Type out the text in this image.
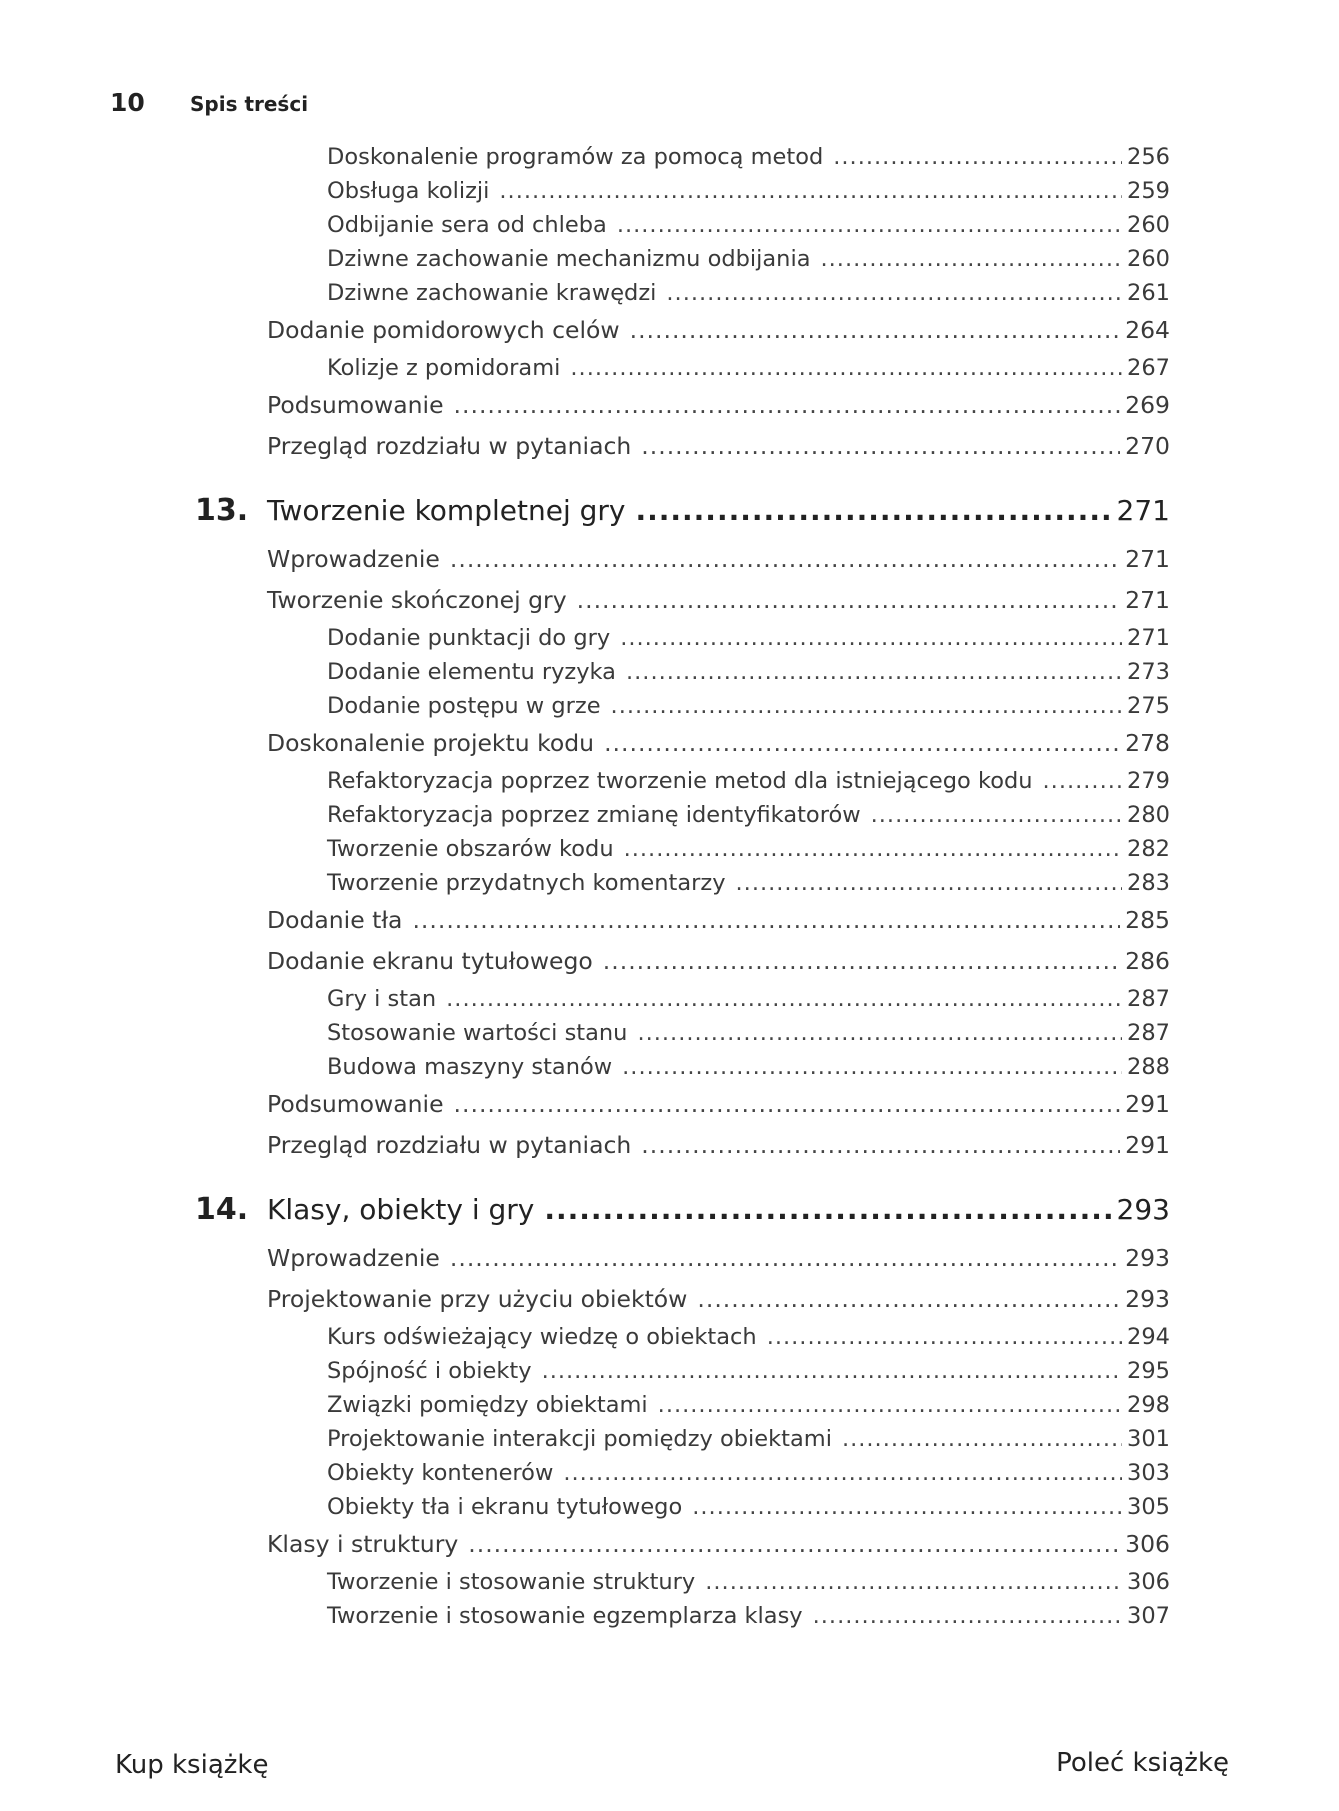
10	Spis treści
Doskonalenie programów za pomocą metod .....	256
Obsługa kolizji .....	259
Odbijanie sera od chleba .....	260
Dziwne zachowanie mechanizmu odbijania .....	260
Dziwne zachowanie krawędzi .....	261
Dodanie pomidorowych celów .....	264
Kolizje z pomidorami .....	267
Podsumowanie .....	269
Przegląd rozdziału w pytaniach .....	270
13. Tworzenie kompletnej gry .....	271
Wprowadzenie .....	271
Tworzenie skończonej gry .....	271
Dodanie punktacji do gry .....	271
Dodanie elementu ryzyka .....	273
Dodanie postępu w grze .....	275
Doskonalenie projektu kodu .....	278
Refaktoryzacja poprzez tworzenie metod dla istniejącego kodu .....	279
Refaktoryzacja poprzez zmianę identyfikatorów .....	280
Tworzenie obszarów kodu .....	282
Tworzenie przydatnych komentarzy .....	283
Dodanie tła .....	285
Dodanie ekranu tytułowego .....	286
Gry i stan .....	287
Stosowanie wartości stanu .....	287
Budowa maszyny stanów .....	288
Podsumowanie .....	291
Przegląd rozdziału w pytaniach .....	291
14. Klasy, obiekty i gry .....	293
Wprowadzenie .....	293
Projektowanie przy użyciu obiektów .....	293
Kurs odświeżający wiedzę o obiektach .....	294
Spójność i obiekty .....	295
Związki pomiędzy obiektami .....	298
Projektowanie interakcji pomiędzy obiektami .....	301
Obiekty kontenerów .....	303
Obiekty tła i ekranu tytułowego .....	305
Klasy i struktury .....	306
Tworzenie i stosowanie struktury .....	306
Tworzenie i stosowanie egzemplarza klasy .....	307
Kup książkę	Poleć książkę
